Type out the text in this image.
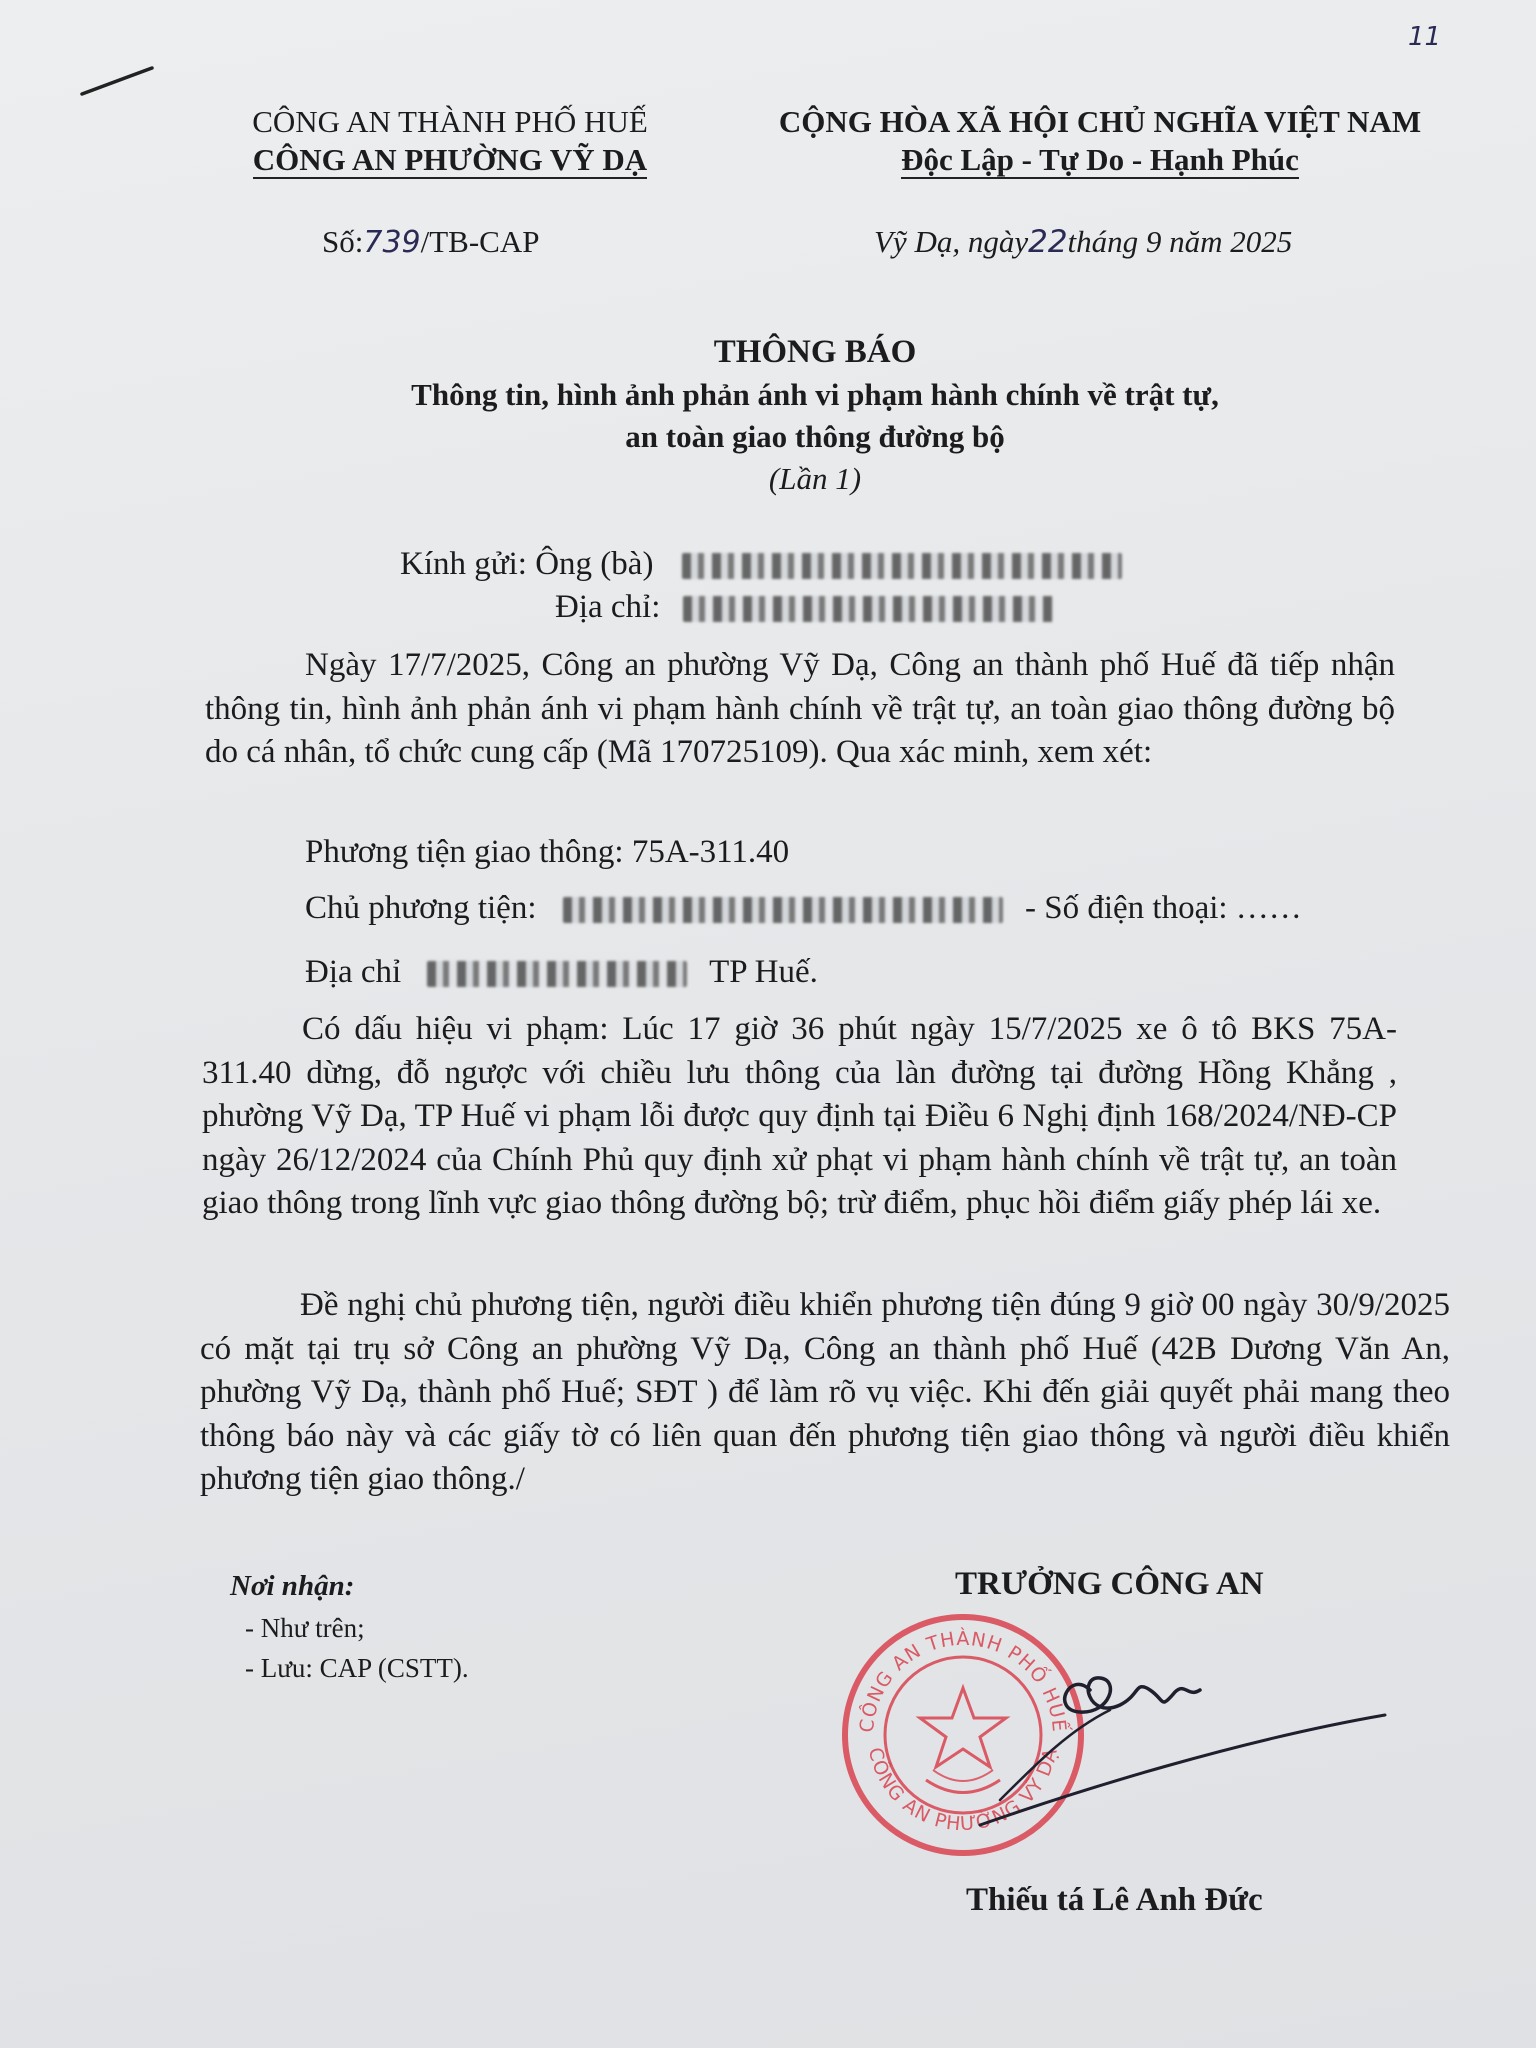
11
CÔNG AN THÀNH PHỐ HUẾ
CÔNG AN PHƯỜNG VỸ DẠ
Số:739/TB-CAP
CỘNG HÒA XÃ HỘI CHỦ NGHĨA VIỆT NAM
Độc Lập - Tự Do - Hạnh Phúc
Vỹ Dạ, ngày22tháng 9 năm 2025
THÔNG BÁO
Thông tin, hình ảnh phản ánh vi phạm hành chính về trật tự,
an toàn giao thông đường bộ
(Lần 1)
Kính gửi: Ông (bà)
Địa chỉ:
Ngày 17/7/2025, Công an phường Vỹ Dạ, Công an thành phố Huế đã tiếp nhận thông tin, hình ảnh phản ánh vi phạm hành chính về trật tự, an toàn giao thông đường bộ do cá nhân, tổ chức cung cấp (Mã 170725109). Qua xác minh, xem xét:
Phương tiện giao thông: 75A-311.40
Chủ phương tiện:	- Số điện thoại: ……
Địa chỉ	TP Huế.
Có dấu hiệu vi phạm: Lúc 17 giờ 36 phút ngày 15/7/2025 xe ô tô BKS 75A-311.40 dừng, đỗ ngược với chiều lưu thông của làn đường tại đường Hồng Khẳng , phường Vỹ Dạ, TP Huế vi phạm lỗi được quy định tại Điều 6 Nghị định 168/2024/NĐ-CP ngày 26/12/2024 của Chính Phủ quy định xử phạt vi phạm hành chính về trật tự, an toàn giao thông trong lĩnh vực giao thông đường bộ; trừ điểm, phục hồi điểm giấy phép lái xe.
Đề nghị chủ phương tiện, người điều khiển phương tiện đúng 9 giờ 00 ngày 30/9/2025 có mặt tại trụ sở Công an phường Vỹ Dạ, Công an thành phố Huế (42B Dương Văn An, phường Vỹ Dạ, thành phố Huế; SĐT ) để làm rõ vụ việc. Khi đến giải quyết phải mang theo thông báo này và các giấy tờ có liên quan đến phương tiện giao thông và người điều khiển phương tiện giao thông./
Nơi nhận:
- Như trên;
- Lưu: CAP (CSTT).
TRƯỞNG CÔNG AN
CÔNG AN THÀNH PHỐ HUẾ
CÔNG AN PHƯỜNG VỸ DẠ
Thiếu tá Lê Anh Đức
